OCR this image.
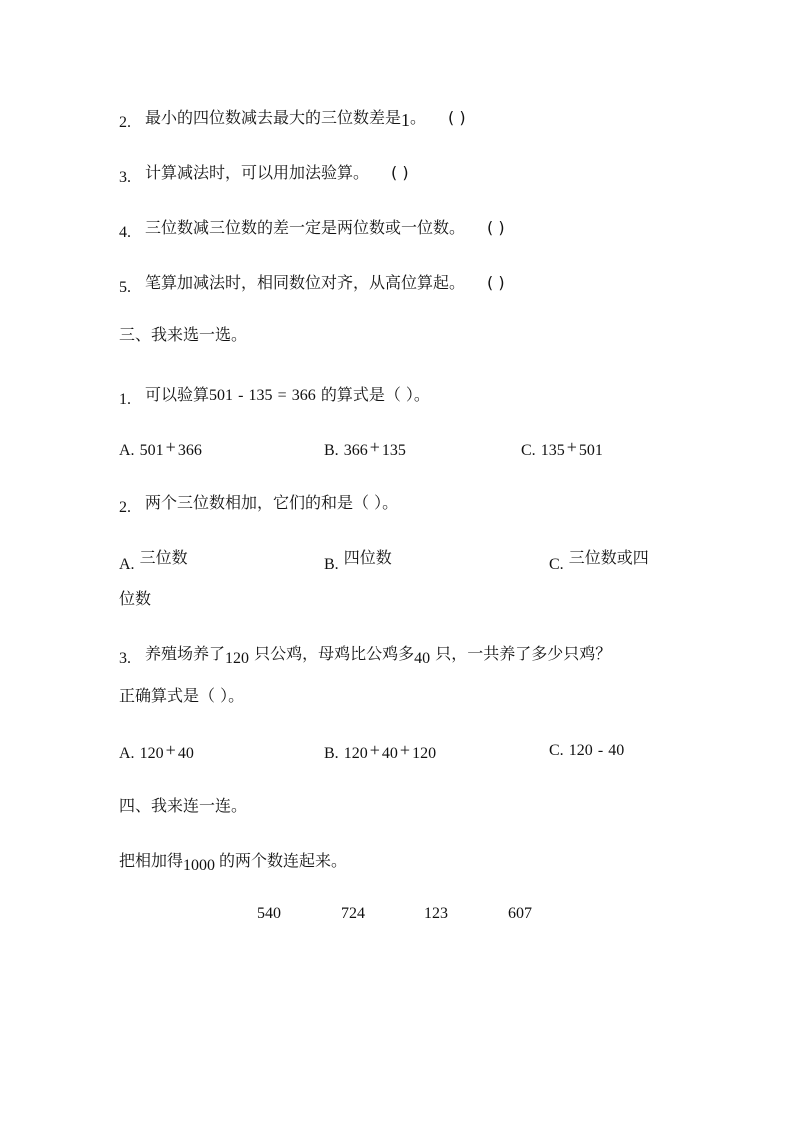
2. 最小的四位数减去最大的三位数差是1。 ( )
3. 计算减法时，可以用加法验算。 ( )
4. 三位数减三位数的差一定是两位数或一位数。 ( )
5. 笔算加减法时，相同数位对齐，从高位算起。 ( )
三、我来选一选。
1. 可以验算501 - 135 = 366 的算式是（ ）。
A. 501 + 366	B. 366 + 135	C. 135 + 501
2. 两个三位数相加，它们的和是（ ）。
A. 三位数	B. 四位数	C. 三位数或四
位数
3. 养殖场养了120 只公鸡，母鸡比公鸡多40 只，一共养了多少只鸡？
正确算式是（ ）。
A. 120 + 40	B. 120 + 40 + 120	C. 120 - 40
四、我来连一连。
把相加得1000 的两个数连起来。
540	724	123	607
